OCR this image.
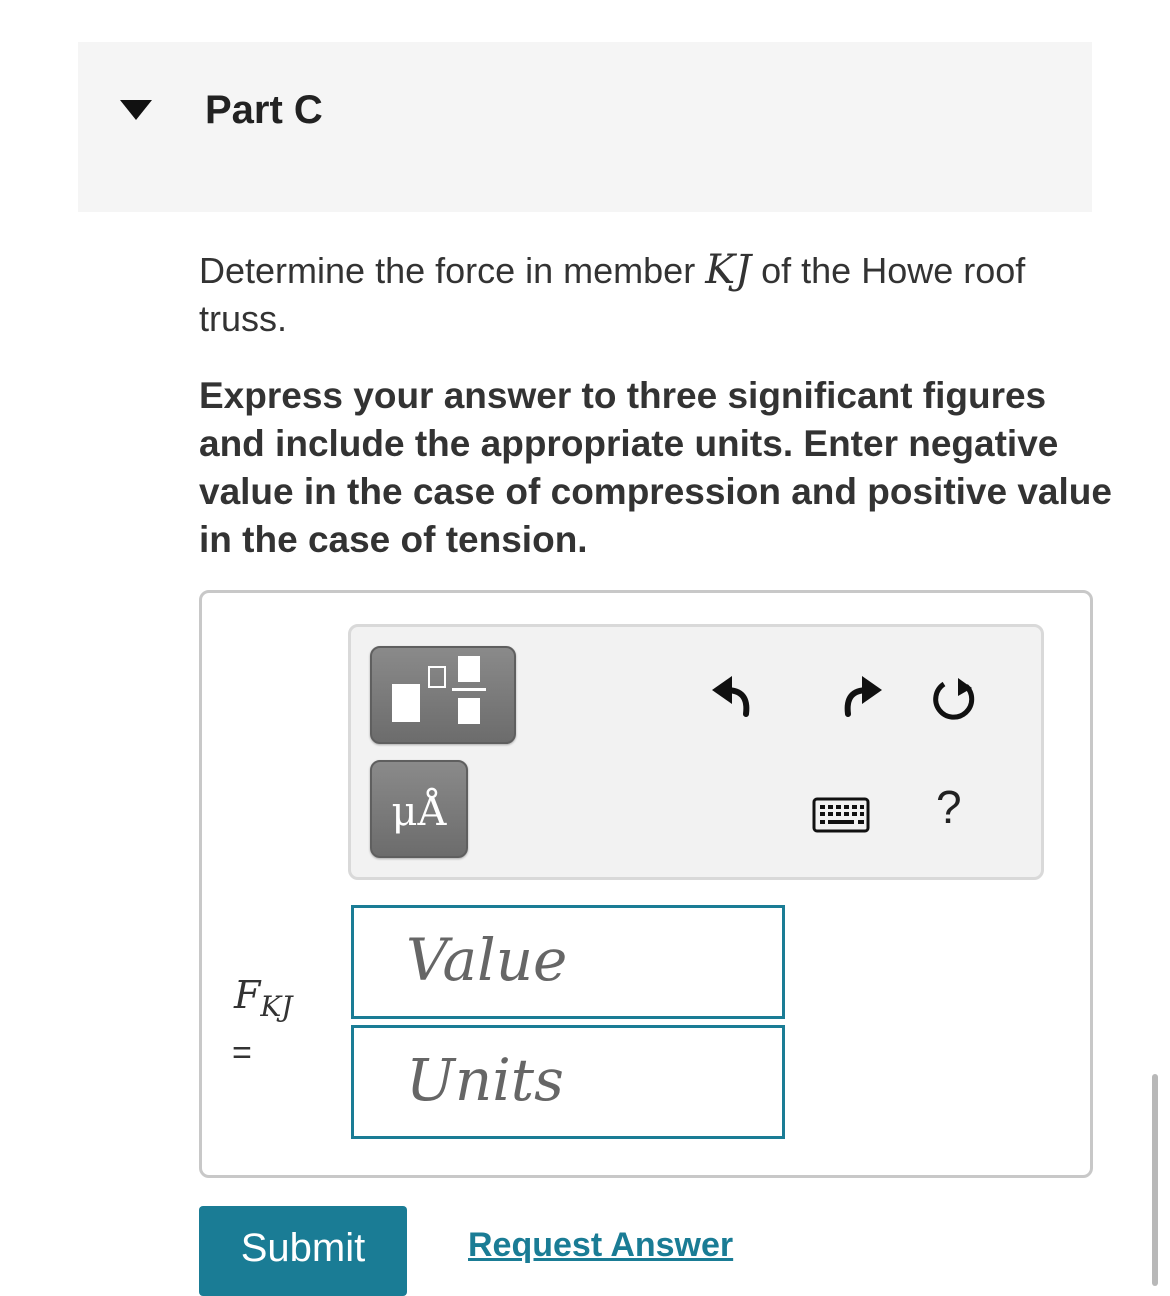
Part C
Determine the force in member KJ of the Howe roof truss.
Express your answer to three significant figures and include the appropriate units. Enter negative value in the case of compression and positive value in the case of tension.
μÅ	?
$F_{KJ}$
=
Value
Units
Submit	Request Answer
